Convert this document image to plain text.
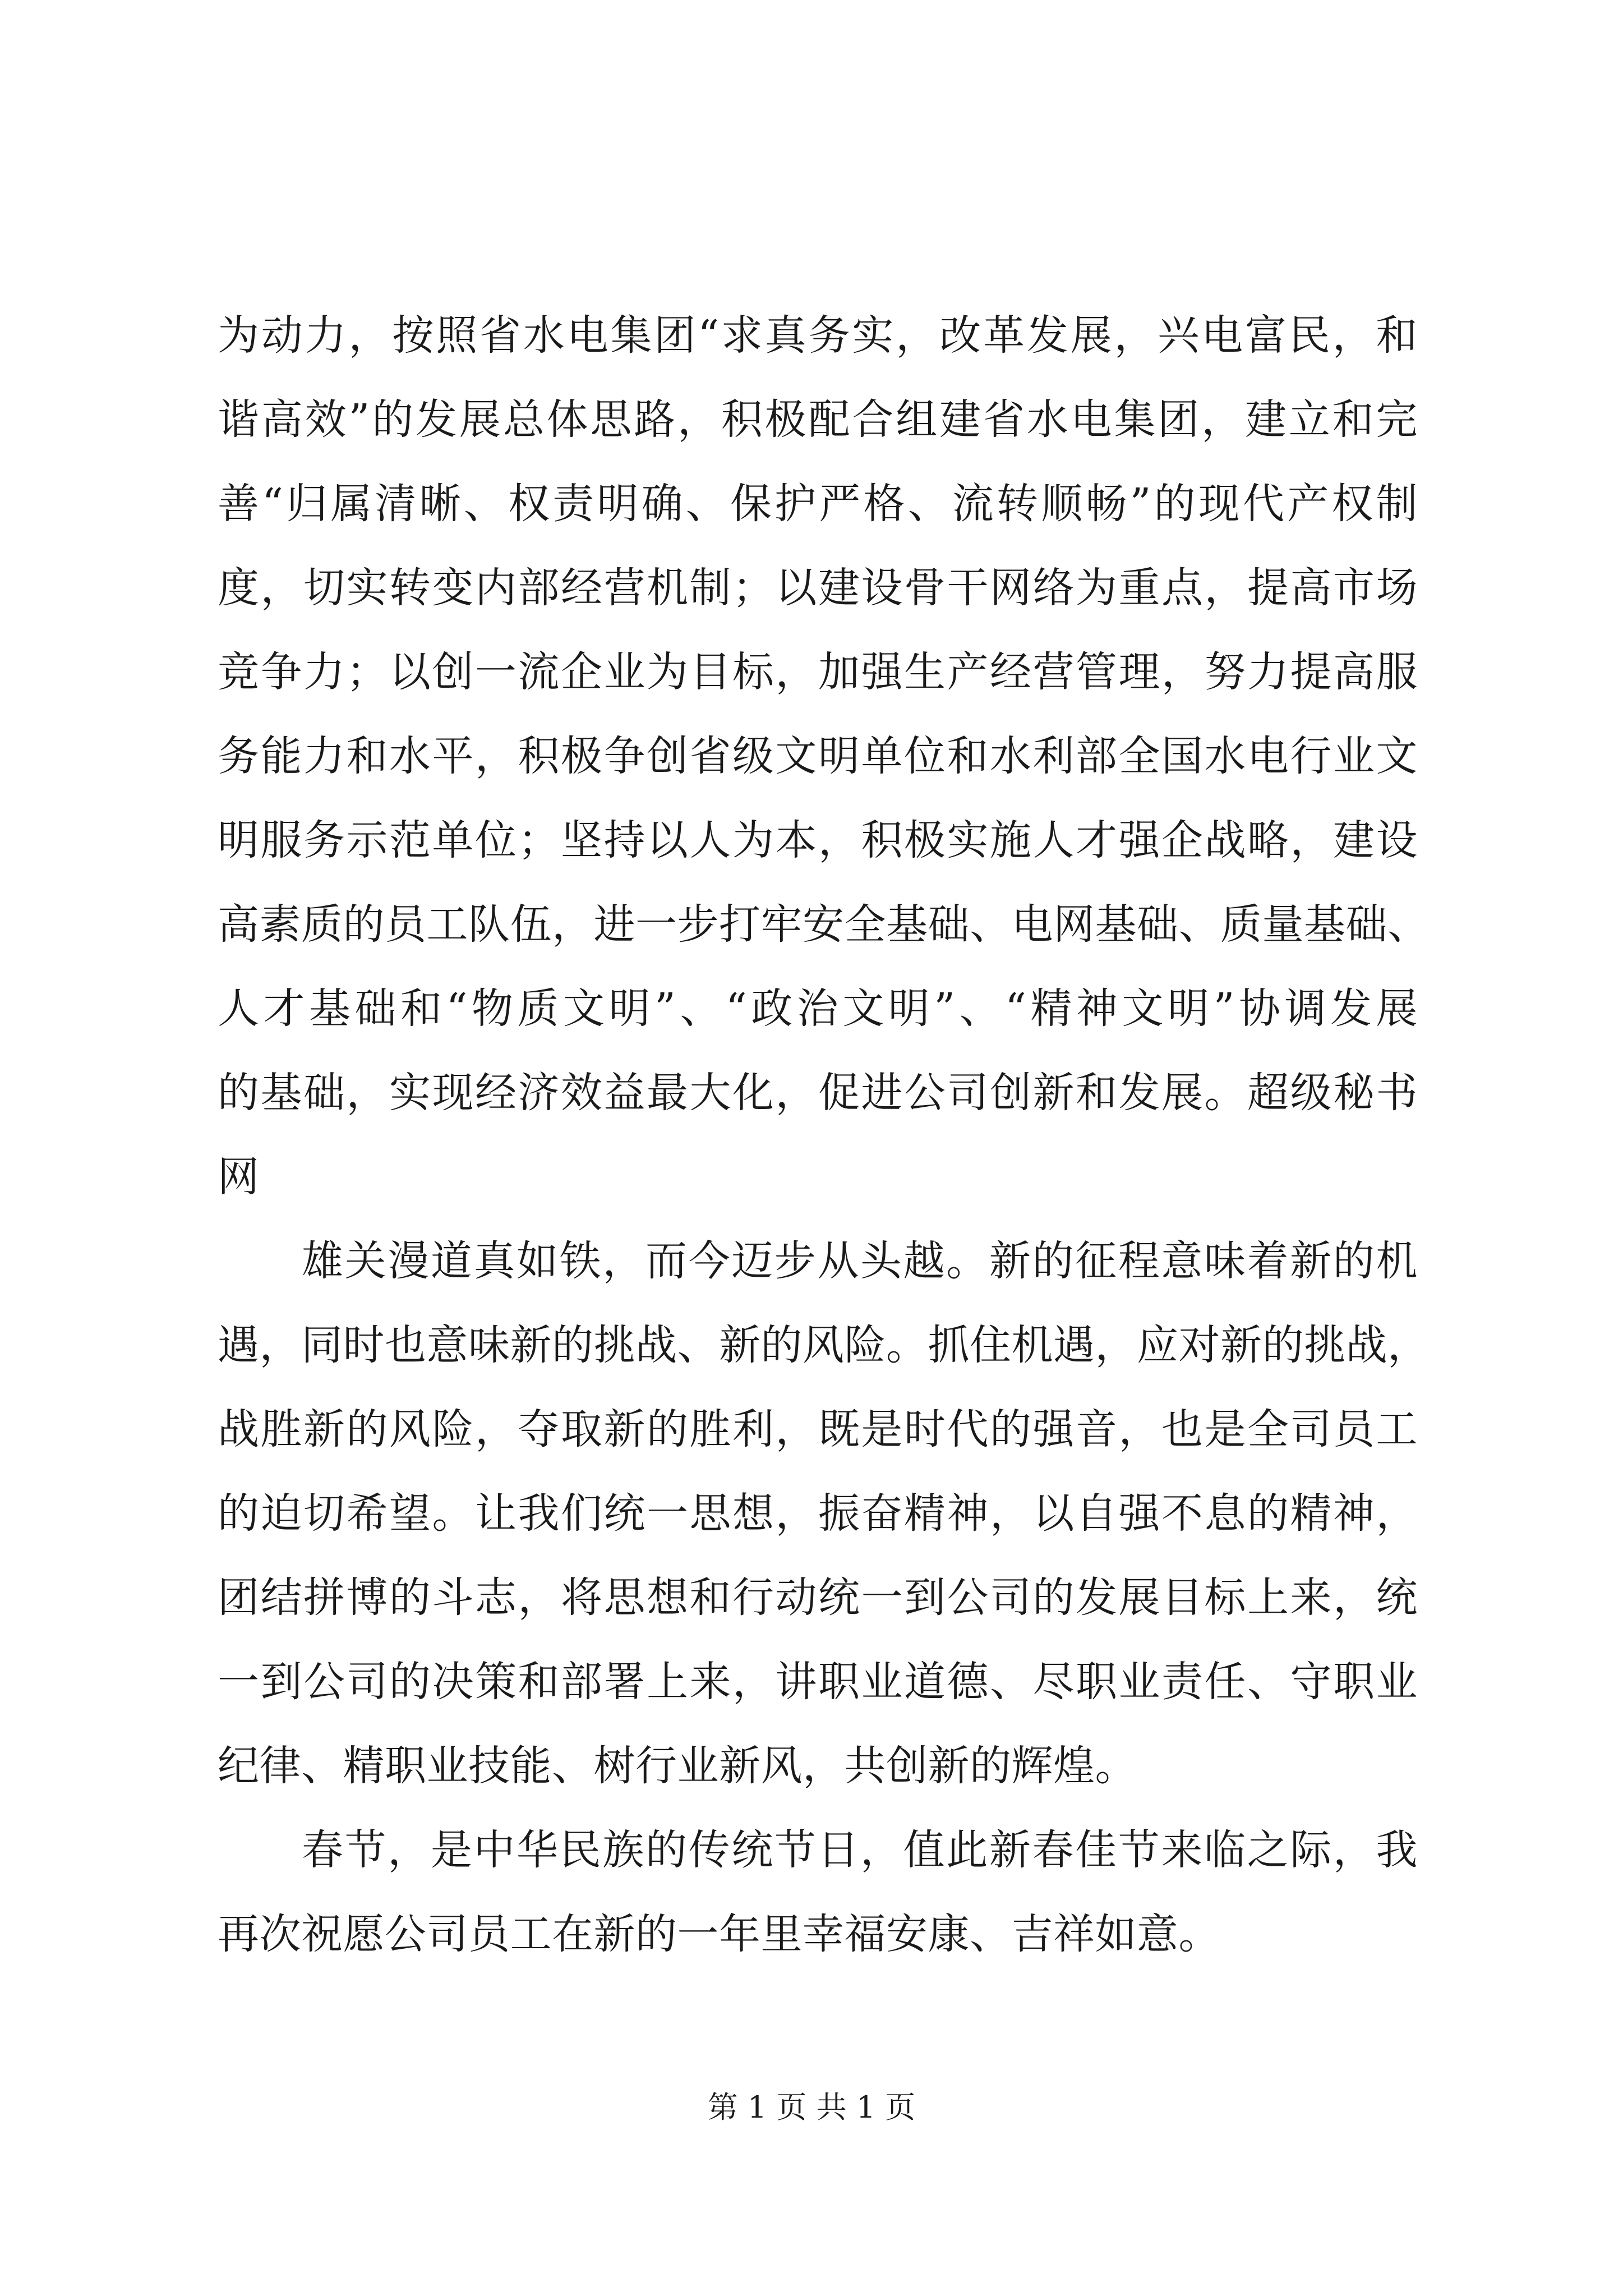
为动力，按照省水电集团“求真务实，改革发展，兴电富民，和
谐高效”的发展总体思路，积极配合组建省水电集团，建立和完
善“归属清晰、权责明确、保护严格、流转顺畅”的现代产权制
度，切实转变内部经营机制；以建设骨干网络为重点，提高市场
竞争力；以创一流企业为目标，加强生产经营管理，努力提高服
务能力和水平，积极争创省级文明单位和水利部全国水电行业文
明服务示范单位；坚持以人为本，积极实施人才强企战略，建设
高素质的员工队伍，进一步打牢安全基础、电网基础、质量基础、
人才基础和“物质文明”、“政治文明”、“精神文明”协调发展
的基础，实现经济效益最大化，促进公司创新和发展。超级秘书
网
雄关漫道真如铁，而今迈步从头越。新的征程意味着新的机
遇，同时也意味新的挑战、新的风险。抓住机遇，应对新的挑战，
战胜新的风险，夺取新的胜利，既是时代的强音，也是全司员工
的迫切希望。让我们统一思想，振奋精神，以自强不息的精神，
团结拼博的斗志，将思想和行动统一到公司的发展目标上来，统
一到公司的决策和部署上来，讲职业道德、尽职业责任、守职业
纪律、精职业技能、树行业新风，共创新的辉煌。
春节，是中华民族的传统节日，值此新春佳节来临之际，我
再次祝愿公司员工在新的一年里幸福安康、吉祥如意。
第 1 页 共 1 页
